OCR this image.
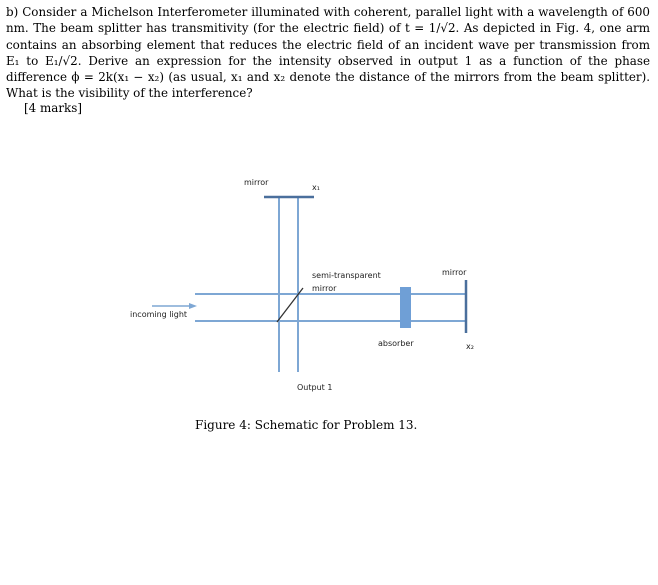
b) Consider a Michelson Interferometer illuminated with coherent, parallel light with a wavelength of 600 nm. The beam splitter has transmitivity (for the electric field) of t = 1/√2. As depicted in Fig. 4, one arm contains an absorbing element that reduces the electric field of an incident wave per transmission from E₁ to E₁/√2. Derive an expression for the intensity observed in output 1 as a function of the phase difference ϕ = 2k(x₁ − x₂) (as usual, x₁ and x₂ denote the distance of the mirrors from the beam splitter). What is the visibility of the interference?

[4 marks]
mirror
x₁
semi-transparent
mirror
mirror
incoming light
absorber	x₂
Output 1
Figure 4: Schematic for Problem 13.
